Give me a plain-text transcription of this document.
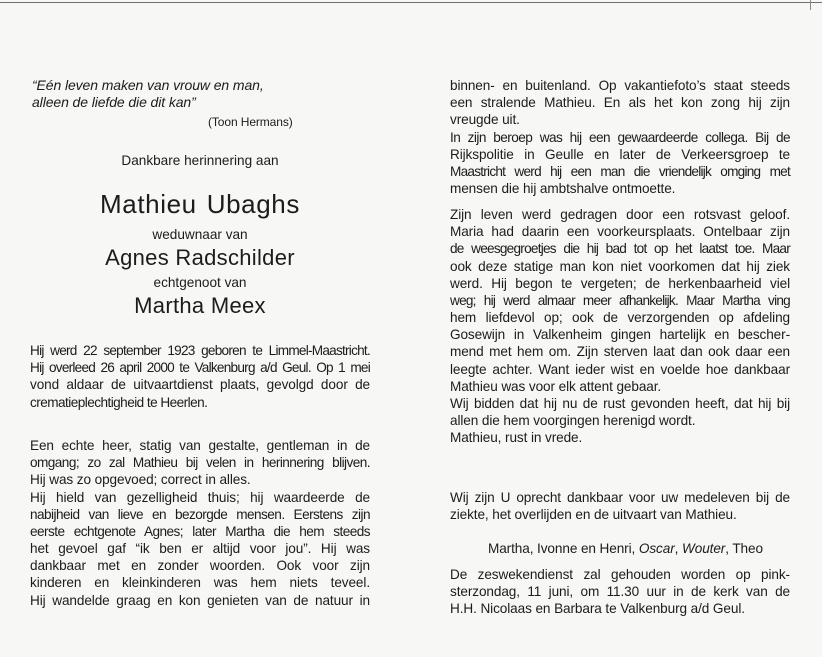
“Eén leven maken van vrouw en man,
alleen de liefde die dit kan”
(Toon Hermans)
Dankbare herinnering aan
Mathieu Ubaghs
weduwnaar van
Agnes Radschilder
echtgenoot van
Martha Meex
Hij werd 22 september 1923 geboren te Limmel-Maastricht.
Hij overleed 26 april 2000 te Valkenburg a/d Geul. Op 1 mei
vond aldaar de uitvaartdienst plaats, gevolgd door de
crematieplechtigheid te Heerlen.
Een echte heer, statig van gestalte, gentleman in de
omgang; zo zal Mathieu bij velen in herinnering blijven.
Hij was zo opgevoed; correct in alles.
Hij hield van gezelligheid thuis; hij waardeerde de
nabijheid van lieve en bezorgde mensen. Eerstens zijn
eerste echtgenote Agnes; later Martha die hem steeds
het gevoel gaf “ik ben er altijd voor jou”. Hij was
dankbaar met en zonder woorden. Ook voor zijn
kinderen en kleinkinderen was hem niets teveel.
Hij wandelde graag en kon genieten van de natuur in
binnen- en buitenland. Op vakantiefoto’s staat steeds
een stralende Mathieu. En als het kon zong hij zijn
vreugde uit.
In zijn beroep was hij een gewaardeerde collega. Bij de
Rijkspolitie in Geulle en later de Verkeersgroep te
Maastricht werd hij een man die vriendelijk omging met
mensen die hij ambtshalve ontmoette.
Zijn leven werd gedragen door een rotsvast geloof.
Maria had daarin een voorkeursplaats. Ontelbaar zijn
de weesgegroetjes die hij bad tot op het laatst toe. Maar
ook deze statige man kon niet voorkomen dat hij ziek
werd. Hij begon te vergeten; de herkenbaarheid viel
weg; hij werd almaar meer afhankelijk. Maar Martha ving
hem liefdevol op; ook de verzorgenden op afdeling
Gosewijn in Valkenheim gingen hartelijk en bescher-
mend met hem om. Zijn sterven laat dan ook daar een
leegte achter. Want ieder wist en voelde hoe dankbaar
Mathieu was voor elk attent gebaar.
Wij bidden dat hij nu de rust gevonden heeft, dat hij bij
allen die hem voorgingen herenigd wordt.
Mathieu, rust in vrede.
Wij zijn U oprecht dankbaar voor uw medeleven bij de
ziekte, het overlijden en de uitvaart van Mathieu.
Martha, Ivonne en Henri, Oscar, Wouter, Theo
De zeswekendienst zal gehouden worden op pink-
sterzondag, 11 juni, om 11.30 uur in de kerk van de
H.H. Nicolaas en Barbara te Valkenburg a/d Geul.
